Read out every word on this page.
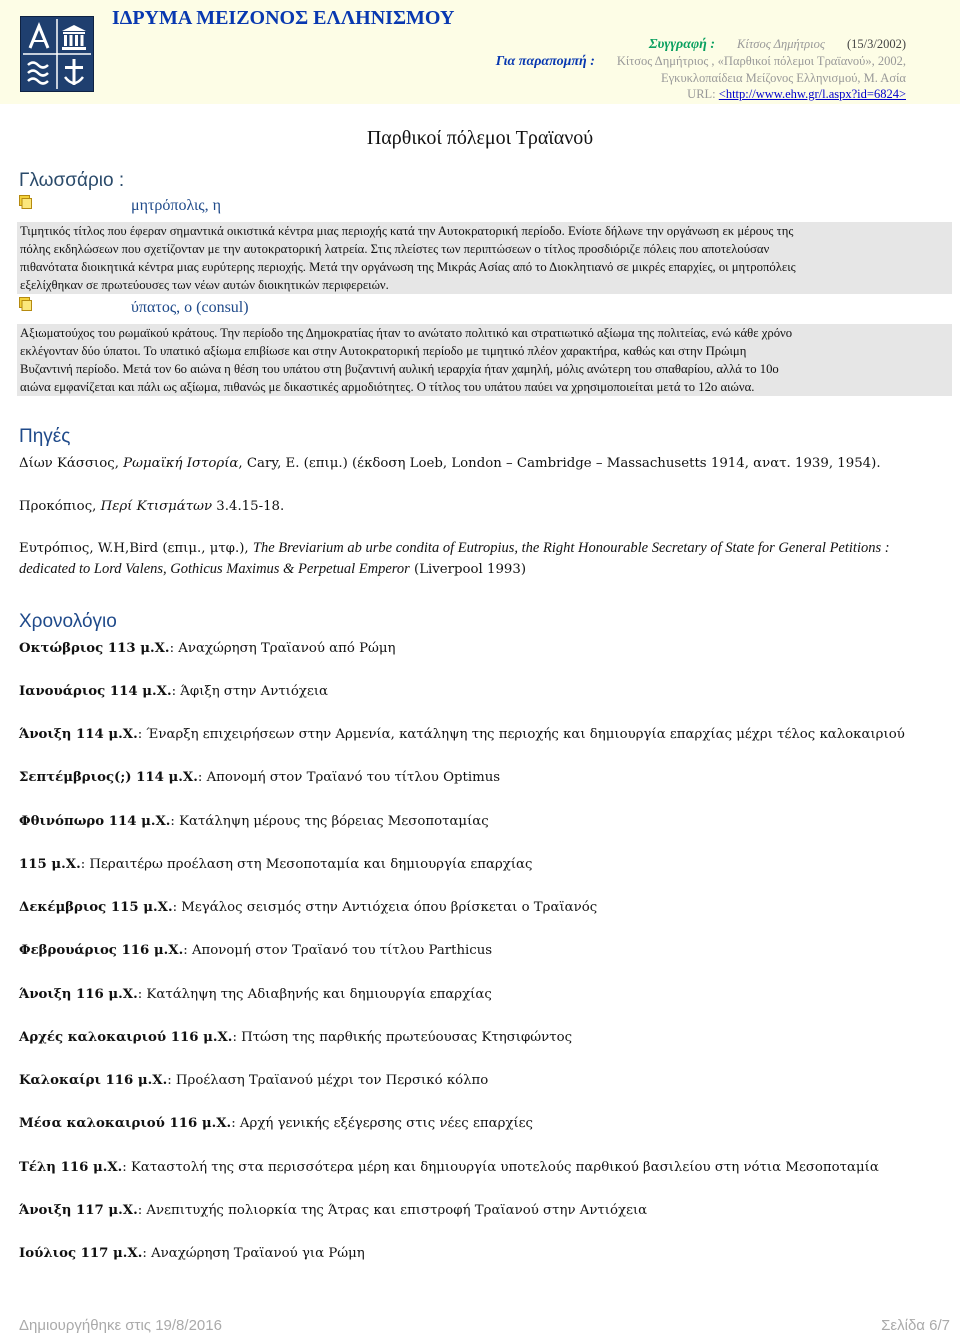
ΙΔΡΥΜΑ ΜΕΙΖΟΝΟΣ ΕΛΛΗΝΙΣΜΟΥ
Συγγραφή : Κίτσος Δημήτριος (15/3/2002)
Για παραπομπή : Κίτσος Δημήτριος , «Παρθικοί πόλεμοι Τραϊανού», 2002,
Εγκυκλοπαίδεια Μείζονος Ελληνισμού, Μ. Ασία
URL: <http://www.ehw.gr/l.aspx?id=6824>
Παρθικοί πόλεμοι Τραϊανού
Γλωσσάριο :
μητρόπολις, η
Τιμητικός τίτλος που έφεραν σημαντικά οικιστικά κέντρα μιας περιοχής κατά την Αυτοκρατορική περίοδο. Ενίοτε δήλωνε την οργάνωση εκ μέρους της
πόλης εκδηλώσεων που σχετίζονταν με την αυτοκρατορική λατρεία. Στις πλείστες των περιπτώσεων ο τίτλος προσδιόριζε πόλεις που αποτελούσαν
πιθανότατα διοικητικά κέντρα μιας ευρύτερης περιοχής. Μετά την οργάνωση της Μικράς Ασίας από το Διοκλητιανό σε μικρές επαρχίες, οι μητροπόλεις
εξελίχθηκαν σε πρωτεύουσες των νέων αυτών διοικητικών περιφερειών.
ύπατος, ο (consul)
Αξιωματούχος του ρωμαϊκού κράτους. Την περίοδο της Δημοκρατίας ήταν το ανώτατο πολιτικό και στρατιωτικό αξίωμα της πολιτείας, ενώ κάθε χρόνο
εκλέγονταν δύο ύπατοι. Το υπατικό αξίωμα επιβίωσε και στην Αυτοκρατορική περίοδο με τιμητικό πλέον χαρακτήρα, καθώς και στην Πρώιμη
Βυζαντινή περίοδο. Μετά τον 6ο αιώνα η θέση του υπάτου στη βυζαντινή αυλική ιεραρχία ήταν χαμηλή, μόλις ανώτερη του σπαθαρίου, αλλά το 10ο
αιώνα εμφανίζεται και πάλι ως αξίωμα, πιθανώς με δικαστικές αρμοδιότητες. Ο τίτλος του υπάτου παύει να χρησιμοποιείται μετά το 12ο αιώνα.
Πηγές

Δίων Κάσσιος, Ρωμαϊκή Ιστορία, Cary, E. (επιμ.) (έκδοση Loeb, London – Cambridge – Massachusetts 1914, ανατ. 1939, 1954).

Προκόπιος, Περί Κτισμάτων 3.4.15-18.

Ευτρόπιος, W.H,Bird (επιμ., μτφ.), The Breviarium ab urbe condita of Eutropius, the Right Honourable Secretary of State for General Petitions :
dedicated to Lord Valens, Gothicus Maximus & Perpetual Emperor (Liverpool 1993)

Χρονολόγιο

Οκτώβριος 113 μ.Χ.: Αναχώρηση Τραϊανού από Ρώμη

Ιανουάριος 114 μ.Χ.: Άφιξη στην Αντιόχεια

Άνοιξη 114 μ.Χ.: Έναρξη επιχειρήσεων στην Αρμενία, κατάληψη της περιοχής και δημιουργία επαρχίας μέχρι τέλος καλοκαιριού

Σεπτέμβριος(;) 114 μ.Χ.: Απονομή στον Τραϊανό του τίτλου Optimus

Φθινόπωρο 114 μ.Χ.: Κατάληψη μέρους της βόρειας Μεσοποταμίας

115 μ.Χ.: Περαιτέρω προέλαση στη Μεσοποταμία και δημιουργία επαρχίας

Δεκέμβριος 115 μ.Χ.: Μεγάλος σεισμός στην Αντιόχεια όπου βρίσκεται ο Τραϊανός

Φεβρουάριος 116 μ.Χ.: Απονομή στον Τραϊανό του τίτλου Parthicus

Άνοιξη 116 μ.Χ.: Κατάληψη της Αδιαβηνής και δημιουργία επαρχίας

Αρχές καλοκαιριού 116 μ.Χ.: Πτώση της παρθικής πρωτεύουσας Κτησιφώντος

Καλοκαίρι 116 μ.Χ.: Προέλαση Τραϊανού μέχρι τον Περσικό κόλπο

Μέσα καλοκαιριού 116 μ.Χ.: Αρχή γενικής εξέγερσης στις νέες επαρχίες

Τέλη 116 μ.Χ.: Καταστολή της στα περισσότερα μέρη και δημιουργία υποτελούς παρθικού βασιλείου στη νότια Μεσοποταμία

Άνοιξη 117 μ.Χ.: Ανεπιτυχής πολιορκία της Άτρας και επιστροφή Τραϊανού στην Αντιόχεια

Ιούλιος 117 μ.Χ.: Αναχώρηση Τραϊανού για Ρώμη

Δημιουργήθηκε στις 19/8/2016	Σελίδα 6/7
